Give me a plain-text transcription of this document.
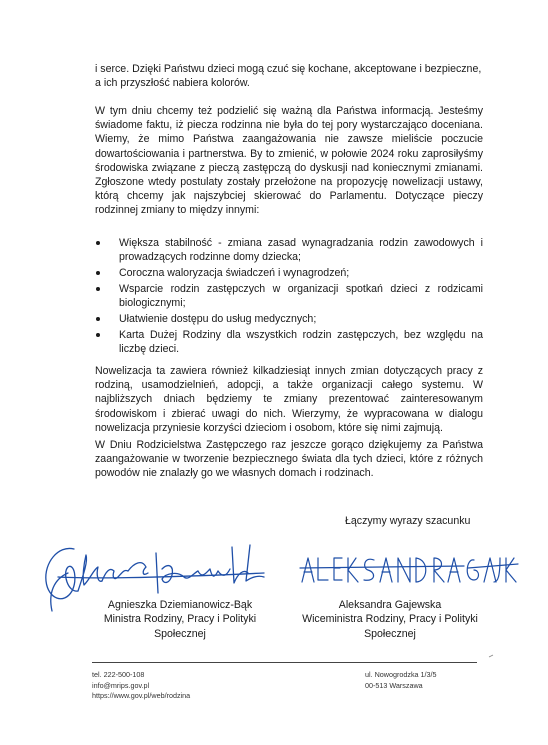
i serce. Dzięki Państwu dzieci mogą czuć się kochane, akceptowane i bezpieczne, a ich przyszłość nabiera kolorów.

W tym dniu chcemy też podzielić się ważną dla Państwa informacją. Jesteśmy świadome faktu, iż piecza rodzinna nie była do tej pory wystarczająco doceniana. Wiemy, że mimo Państwa zaangażowania nie zawsze mieliście poczucie dowartościowania i partnerstwa. By to zmienić, w połowie 2024 roku zaprosiłyśmy środowiska związane z pieczą zastępczą do dyskusji nad koniecznymi zmianami. Zgłoszone wtedy postulaty zostały przełożone na propozycję nowelizacji ustawy, którą chcemy jak najszybciej skierować do Parlamentu. Dotyczące pieczy rodzinnej zmiany to między innymi:

Większa stabilność - zmiana zasad wynagradzania rodzin zawodowych i prowadzących rodzinne domy dziecka;
Coroczna waloryzacja świadczeń i wynagrodzeń;
Wsparcie rodzin zastępczych w organizacji spotkań dzieci z rodzicami biologicznymi;
Ułatwienie dostępu do usług medycznych;
Karta Dużej Rodziny dla wszystkich rodzin zastępczych, bez względu na liczbę dzieci.

Nowelizacja ta zawiera również kilkadziesiąt innych zmian dotyczących pracy z rodziną, usamodzielnień, adopcji, a także organizacji całego systemu. W najbliższych dniach będziemy te zmiany prezentować zainteresowanym środowiskom i zbierać uwagi do nich. Wierzymy, że wypracowana w dialogu nowelizacja przyniesie korzyści dzieciom i osobom, które się nimi zajmują.

W Dniu Rodzicielstwa Zastępczego raz jeszcze gorąco dziękujemy za Państwa zaangażowanie w tworzenie bezpiecznego świata dla tych dzieci, które z różnych powodów nie znalazły go we własnych domach i rodzinach.

Łączymy wyrazy szacunku
Agnieszka Dziemianowicz-Bąk
Ministra Rodziny, Pracy i Polityki
Społecznej
Aleksandra Gajewska
Wiceministra Rodziny, Pracy i Polityki
Społecznej
tel. 222-500-108
info@mrips.gov.pl
https://www.gov.pl/web/rodzina
ul. Nowogrodzka 1/3/5
00-513 Warszawa
